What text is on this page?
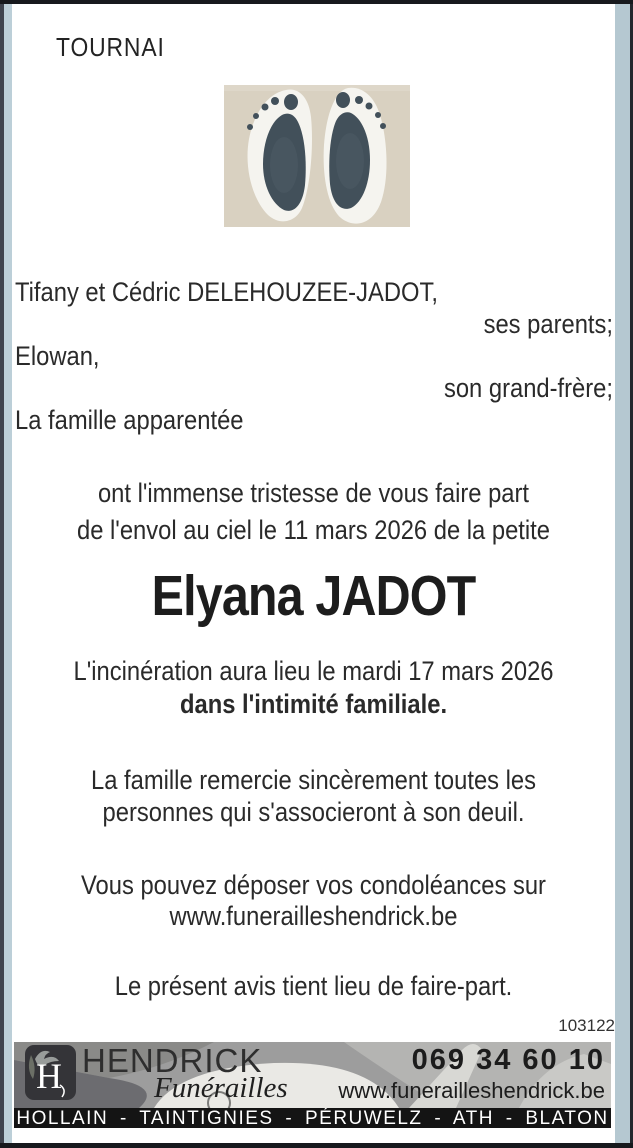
TOURNAI
Tifany et Cédric DELEHOUZEE-JADOT,
ses parents;
Elowan,
son grand-frère;
La famille apparentée
ont l'immense tristesse de vous faire part
de l'envol au ciel le 11 mars 2026 de la petite
Elyana JADOT
L'incinération aura lieu le mardi 17 mars 2026
dans l'intimité familiale.
La famille remercie sincèrement toutes les
personnes qui s'associeront à son deuil.
Vous pouvez déposer vos condoléances sur
www.funerailleshendrick.be
Le présent avis tient lieu de faire-part.
103122
H HENDRICK
Funérailles
069 34 60 10
www.funerailleshendrick.be
HOLLAIN - TAINTIGNIES - PÉRUWELZ - ATH - BLATON
